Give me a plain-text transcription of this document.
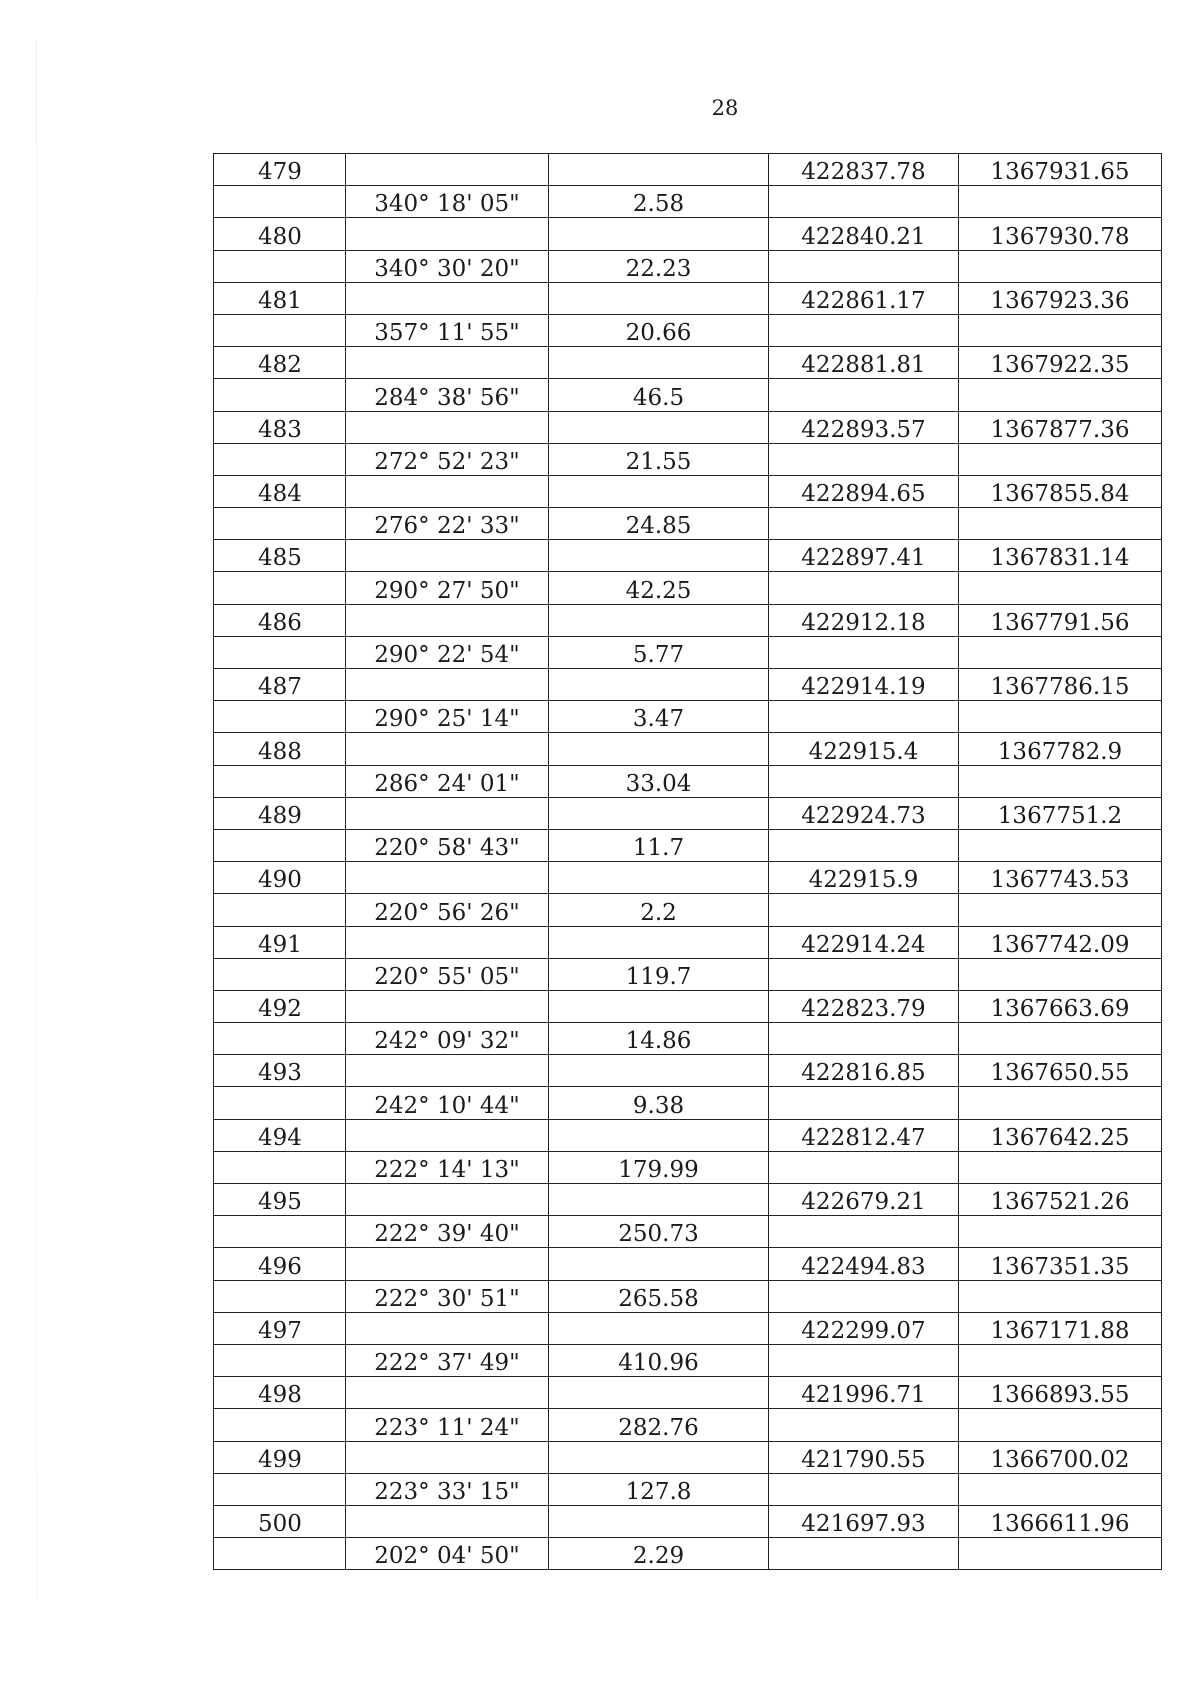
28
479			422837.78	1367931.65
	340° 18' 05"	2.58		
480			422840.21	1367930.78
	340° 30' 20"	22.23		
481			422861.17	1367923.36
	357° 11' 55"	20.66		
482			422881.81	1367922.35
	284° 38' 56"	46.5		
483			422893.57	1367877.36
	272° 52' 23"	21.55		
484			422894.65	1367855.84
	276° 22' 33"	24.85		
485			422897.41	1367831.14
	290° 27' 50"	42.25		
486			422912.18	1367791.56
	290° 22' 54"	5.77		
487			422914.19	1367786.15
	290° 25' 14"	3.47		
488			422915.4	1367782.9
	286° 24' 01"	33.04		
489			422924.73	1367751.2
	220° 58' 43"	11.7		
490			422915.9	1367743.53
	220° 56' 26"	2.2		
491			422914.24	1367742.09
	220° 55' 05"	119.7		
492			422823.79	1367663.69
	242° 09' 32"	14.86		
493			422816.85	1367650.55
	242° 10' 44"	9.38		
494			422812.47	1367642.25
	222° 14' 13"	179.99		
495			422679.21	1367521.26
	222° 39' 40"	250.73		
496			422494.83	1367351.35
	222° 30' 51"	265.58		
497			422299.07	1367171.88
	222° 37' 49"	410.96		
498			421996.71	1366893.55
	223° 11' 24"	282.76		
499			421790.55	1366700.02
	223° 33' 15"	127.8		
500			421697.93	1366611.96
	202° 04' 50"	2.29		
